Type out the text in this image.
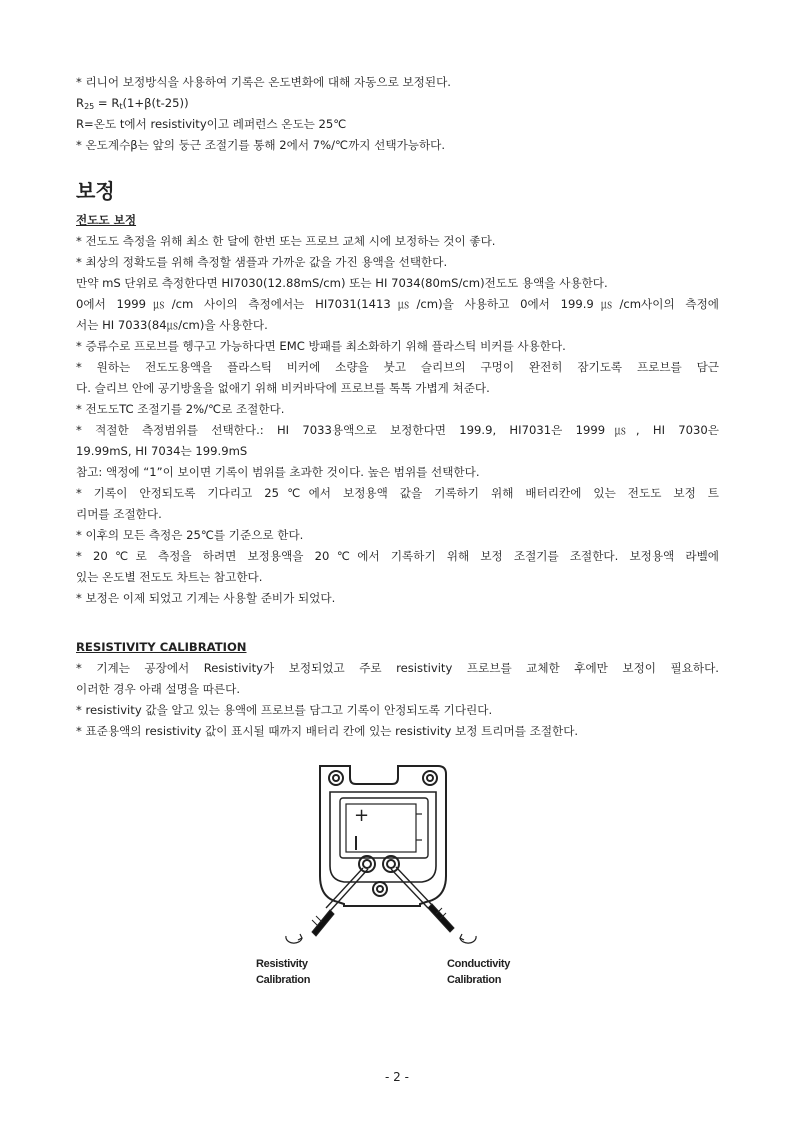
* 리니어 보정방식을 사용하여 기록은 온도변화에 대해 자동으로 보정된다.
$R_{25} = R_t(1+\beta(t-25))$
R=온도 t에서 resistivity이고 레퍼런스 온도는 25℃
* 온도계수β는 앞의 둥근 조절기를 통해 2에서 7%/℃까지 선택가능하다.
보정
전도도 보정
* 전도도 측정을 위해 최소 한 달에 한번 또는 프로브 교체 시에 보정하는 것이 좋다.
* 최상의 정확도를 위해 측정할 샘플과 가까운 값을 가진 용액을 선택한다.
만약 mS 단위로 측정한다면 HI7030(12.88mS/cm) 또는 HI 7034(80mS/cm)전도도 용액을 사용한다.
0에서 1999㎲/cm 사이의 측정에서는 HI7031(1413㎲/cm)을 사용하고 0에서 199.9㎲/cm사이의 측정에
서는 HI 7033(84㎲/cm)을 사용한다.
* 증류수로 프로브를 헹구고 가능하다면 EMC 방패를 최소화하기 위해 플라스틱 비커를 사용한다.
* 원하는 전도도용액을 플라스틱 비커에 소량을 붓고 슬리브의 구멍이 완전히 잠기도록 프로브를 담근
다. 슬리브 안에 공기방울을 없애기 위해 비커바닥에 프로브를 톡톡 가볍게 쳐준다.
* 전도도TC 조절기를 2%/℃로 조절한다.
* 적절한 측정범위를 선택한다.: HI 7033용액으로 보정한다면 199.9, HI7031은 1999㎲, HI 7030은
19.99mS, HI 7034는 199.9mS
참고: 액정에 “1”이 보이면 기록이 범위를 초과한 것이다. 높은 범위를 선택한다.
* 기록이 안정되도록 기다리고 25℃에서 보정용액 값을 기록하기 위해 배터리칸에 있는 전도도 보정 트
리머를 조절한다.
* 이후의 모든 측정은 25℃를 기준으로 한다.
* 20℃로 측정을 하려면 보정용액을 20℃에서 기록하기 위해 보정 조절기를 조절한다. 보정용액 라벨에
있는 온도별 전도도 차트는 참고한다.
* 보정은 이제 되었고 기계는 사용할 준비가 되었다.
RESISTIVITY CALIBRATION
* 기계는 공장에서 Resistivity가 보정되었고 주로 resistivity 프로브를 교체한 후에만 보정이 필요하다.
이러한 경우 아래 설명을 따른다.
* resistivity 값을 알고 있는 용액에 프로브를 담그고 기록이 안정되도록 기다린다.
* 표준용액의 resistivity 값이 표시될 때까지 배터리 칸에 있는 resistivity 보정 트리머를 조절한다.
+
Resistivity
Calibration
Conductivity
Calibration
- 2 -
